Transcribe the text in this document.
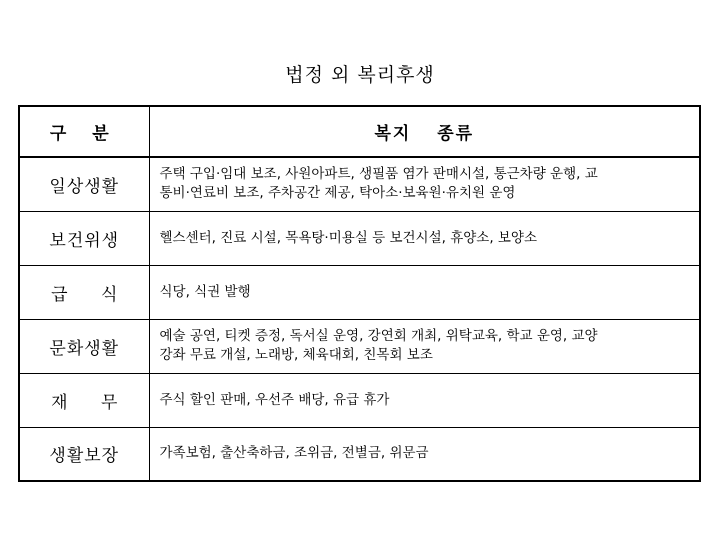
법정 외 복리후생
구 분	복지 종류
일상생활	주택 구입·임대 보조, 사원아파트, 생필품 염가 판매시설, 통근차량 운행, 교
통비·연료비 보조, 주차공간 제공, 탁아소·보육원·유치원 운영

보건위생	헬스센터, 진료 시설, 목욕탕·미용실 등 보건시설, 휴양소, 보양소

급 식	식당, 식권 발행

문화생활	예술 공연, 티켓 증정, 독서실 운영, 강연회 개최, 위탁교육, 학교 운영, 교양
강좌 무료 개설, 노래방, 체육대회, 친목회 보조

재 무	주식 할인 판매, 우선주 배당, 유급 휴가

생활보장	가족보험, 출산축하금, 조위금, 전별금, 위문금
